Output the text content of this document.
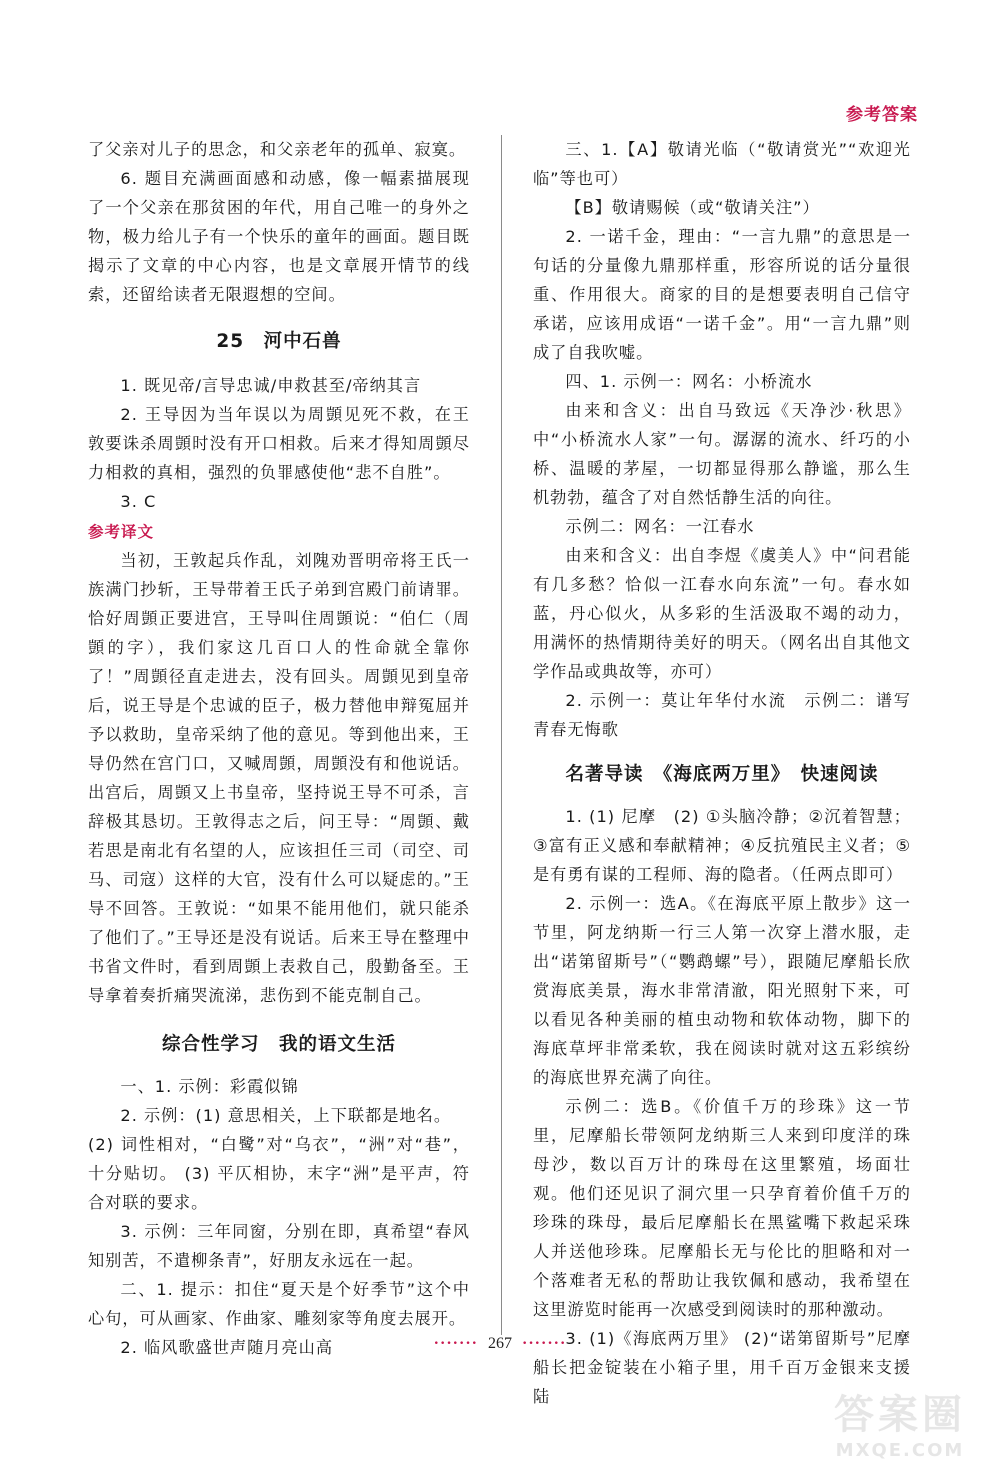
参考答案

了父亲对儿子的思念，和父亲老年的孤单、寂寞。

6. 题目充满画面感和动感，像一幅素描展现了一个父亲在那贫困的年代，用自己唯一的身外之物，极力给儿子有一个快乐的童年的画面。题目既揭示了文章的中心内容，也是文章展开情节的线索，还留给读者无限遐想的空间。

25　河中石兽

1. 既见帝/言导忠诚/申救甚至/帝纳其言

2. 王导因为当年误以为周顗见死不救，在王敦要诛杀周顗时没有开口相救。后来才得知周顗尽力相救的真相，强烈的负罪感使他“悲不自胜”。

3. C

参考译文

当初，王敦起兵作乱，刘隗劝晋明帝将王氏一族满门抄斩，王导带着王氏子弟到宫殿门前请罪。恰好周顗正要进宫，王导叫住周顗说：“伯仁（周顗的字），我们家这几百口人的性命就全靠你了！”周顗径直走进去，没有回头。周顗见到皇帝后，说王导是个忠诚的臣子，极力替他申辩冤屈并予以救助，皇帝采纳了他的意见。等到他出来，王导仍然在宫门口，又喊周顗，周顗没有和他说话。出宫后，周顗又上书皇帝，坚持说王导不可杀，言辞极其恳切。王敦得志之后，问王导：“周顗、戴若思是南北有名望的人，应该担任三司（司空、司马、司寇）这样的大官，没有什么可以疑虑的。”王导不回答。王敦说：“如果不能用他们，就只能杀了他们了。”王导还是没有说话。后来王导在整理中书省文件时，看到周顗上表救自己，殷勤备至。王导拿着奏折痛哭流涕，悲伤到不能克制自己。

综合性学习　我的语文生活

一、1. 示例：彩霞似锦

2. 示例：(1) 意思相关，上下联都是地名。

(2) 词性相对，“白鹭”对“乌衣”，“洲”对“巷”，十分贴切。 (3) 平仄相协，末字“洲”是平声，符合对联的要求。

3. 示例：三年同窗，分别在即，真希望“春风知别苦，不遣柳条青”，好朋友永远在一起。

二、1. 提示：扣住“夏天是个好季节”这个中心句，可从画家、作曲家、雕刻家等角度去展开。

2. 临风歌盛世声随月亮山高

三、1.【A】敬请光临（“敬请赏光”“欢迎光临”等也可）

【B】敬请赐候（或“敬请关注”）

2. 一诺千金，理由：“一言九鼎”的意思是一句话的分量像九鼎那样重，形容所说的话分量很重、作用很大。商家的目的是想要表明自己信守承诺，应该用成语“一诺千金”。用“一言九鼎”则成了自我吹嘘。

四、1. 示例一：网名：小桥流水

由来和含义：出自马致远《天净沙·秋思》中“小桥流水人家”一句。潺潺的流水、纤巧的小桥、温暖的茅屋，一切都显得那么静谧，那么生机勃勃，蕴含了对自然恬静生活的向往。

示例二：网名：一江春水

由来和含义：出自李煜《虞美人》中“问君能有几多愁？恰似一江春水向东流”一句。春水如蓝，丹心似火，从多彩的生活汲取不竭的动力，用满怀的热情期待美好的明天。（网名出自其他文学作品或典故等，亦可）

2. 示例一：莫让年华付水流　示例二：谱写青春无悔歌

名著导读　《海底两万里》　快速阅读

1. (1) 尼摩　(2) ①头脑冷静；②沉着智慧；③富有正义感和奉献精神；④反抗殖民主义者；⑤是有勇有谋的工程师、海的隐者。（任两点即可）

2. 示例一：选A。《在海底平原上散步》这一节里，阿龙纳斯一行三人第一次穿上潜水服，走出“诺第留斯号”（“鹦鹉螺”号），跟随尼摩船长欣赏海底美景，海水非常清澈，阳光照射下来，可以看见各种美丽的植虫动物和软体动物，脚下的海底草坪非常柔软，我在阅读时就对这五彩缤纷的海底世界充满了向往。

示例二：选B。《价值千万的珍珠》这一节里，尼摩船长带领阿龙纳斯三人来到印度洋的珠母沙，数以百万计的珠母在这里繁殖，场面壮观。他们还见识了洞穴里一只孕育着价值千万的珍珠的珠母，最后尼摩船长在黑鲨嘴下救起采珠人并送他珍珠。尼摩船长无与伦比的胆略和对一个落难者无私的帮助让我钦佩和感动，我希望在这里游览时能再一次感受到阅读时的那种激动。

3. (1)《海底两万里》 (2)“诺第留斯号”尼摩船长把金锭装在小箱子里，用千百万金银来支援陆

······· 267 ·······
答案圈
MXQE.COM
